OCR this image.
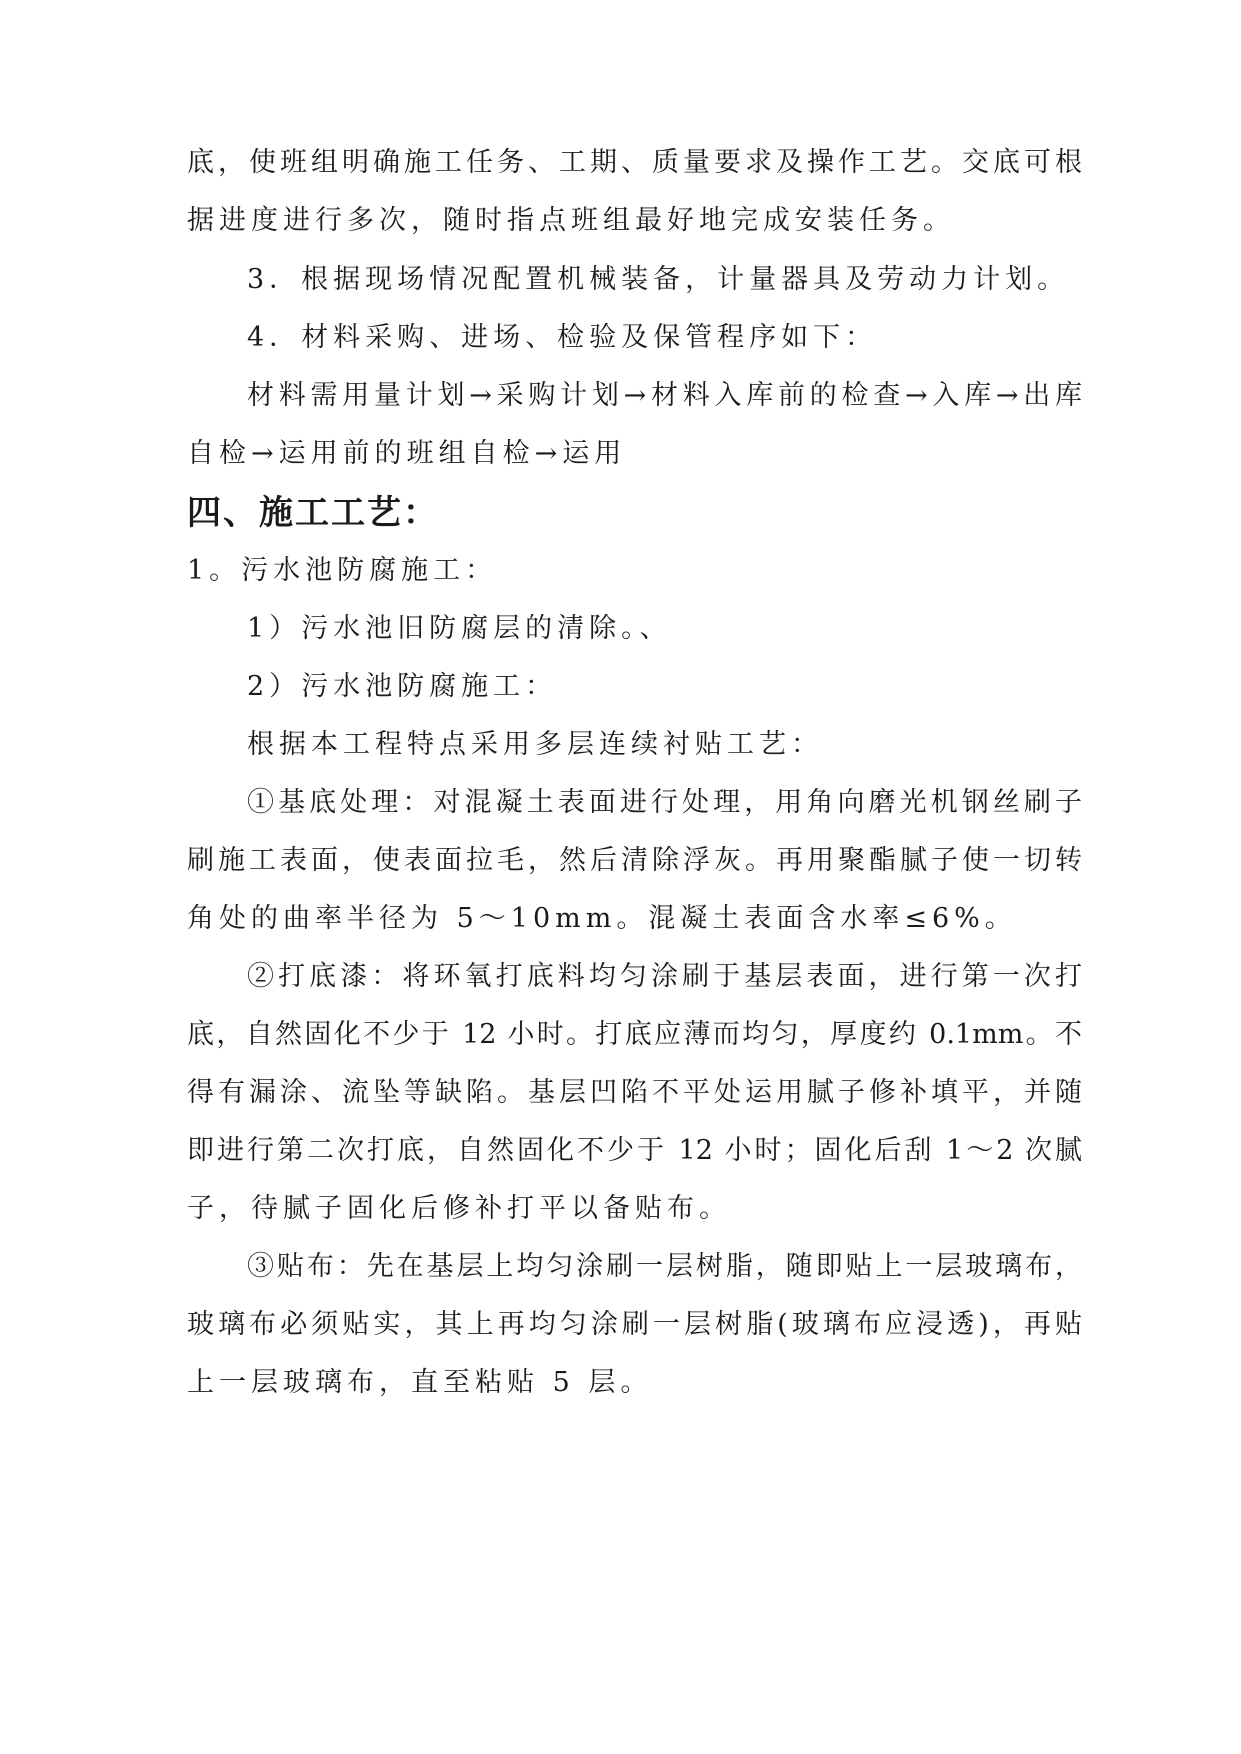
底，使班组明确施工任务、工期、质量要求及操作工艺。交底可根
据进度进行多次，随时指点班组最好地完成安装任务。
3．根据现场情况配置机械装备，计量器具及劳动力计划。
4．材料采购、进场、检验及保管程序如下：
材料需用量计划→采购计划→材料入库前的检查→入库→出库
自检→运用前的班组自检→运用
四、施工工艺：
1。污水池防腐施工：
1）污水池旧防腐层的清除。、
2）污水池防腐施工：
根据本工程特点采用多层连续衬贴工艺：
①基底处理：对混凝土表面进行处理，用角向磨光机钢丝刷子
刷施工表面，使表面拉毛，然后清除浮灰。再用聚酯腻子使一切转
角处的曲率半径为 5～10mm。混凝土表面含水率≤6%。
②打底漆：将环氧打底料均匀涂刷于基层表面，进行第一次打
底，自然固化不少于 12 小时。打底应薄而均匀，厚度约 0.1mm。不
得有漏涂、流坠等缺陷。基层凹陷不平处运用腻子修补填平，并随
即进行第二次打底，自然固化不少于 12 小时；固化后刮 1～2 次腻
子，待腻子固化后修补打平以备贴布。
③贴布：先在基层上均匀涂刷一层树脂，随即贴上一层玻璃布，
玻璃布必须贴实，其上再均匀涂刷一层树脂(玻璃布应浸透)，再贴
上一层玻璃布，直至粘贴 5 层。
